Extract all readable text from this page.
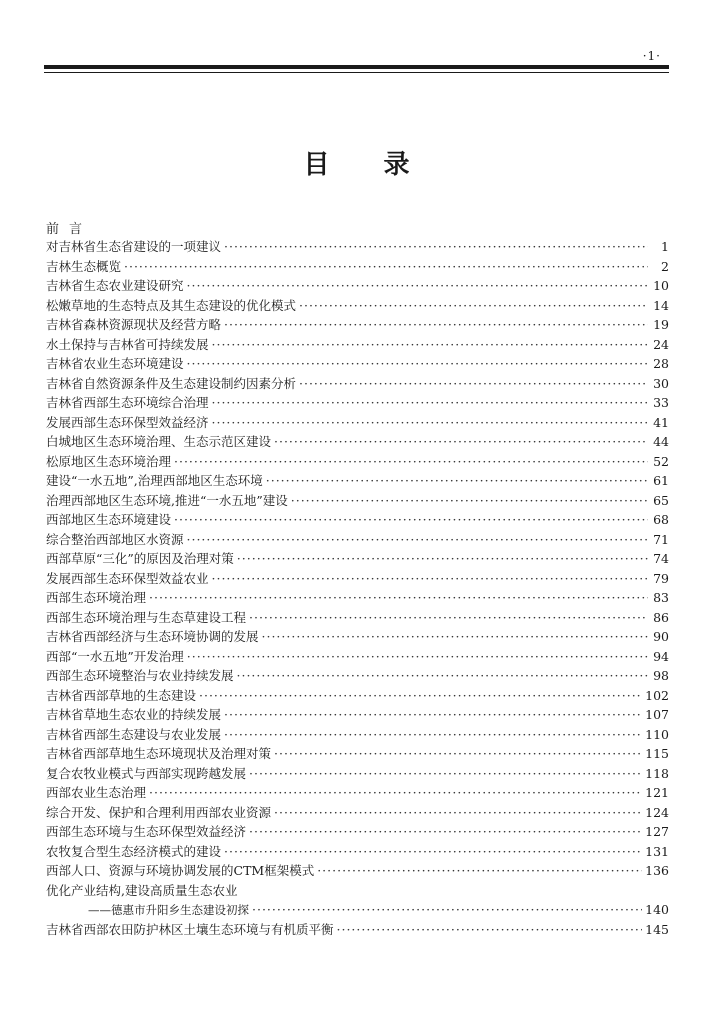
·1·
目录
前言
对吉林省生态省建设的一项建议 ·····	1
吉林生态概览 ·····	2
吉林省生态农业建设研究 ·····	10
松嫩草地的生态特点及其生态建设的优化模式 ·····	14
吉林省森林资源现状及经营方略 ·····	19
水土保持与吉林省可持续发展 ·····	24
吉林省农业生态环境建设 ·····	28
吉林省自然资源条件及生态建设制约因素分析 ·····	30
吉林省西部生态环境综合治理 ·····	33
发展西部生态环保型效益经济 ·····	41
白城地区生态环境治理、生态示范区建设 ·····	44
松原地区生态环境治理 ·····	52
建设“一水五地”,治理西部地区生态环境 ·····	61
治理西部地区生态环境,推进“一水五地”建设 ·····	65
西部地区生态环境建设 ·····	68
综合整治西部地区水资源 ·····	71
西部草原“三化”的原因及治理对策 ·····	74
发展西部生态环保型效益农业 ·····	79
西部生态环境治理 ·····	83
西部生态环境治理与生态草建设工程 ·····	86
吉林省西部经济与生态环境协调的发展 ·····	90
西部“一水五地”开发治理 ·····	94
西部生态环境整治与农业持续发展 ·····	98
吉林省西部草地的生态建设 ·····	102
吉林省草地生态农业的持续发展 ·····	107
吉林省西部生态建设与农业发展 ·····	110
吉林省西部草地生态环境现状及治理对策 ·····	115
复合农牧业模式与西部实现跨越发展 ·····	118
西部农业生态治理 ·····	121
综合开发、保护和合理利用西部农业资源 ·····	124
西部生态环境与生态环保型效益经济 ·····	127
农牧复合型生态经济模式的建设 ·····	131
西部人口、资源与环境协调发展的CTM框架模式 ·····	136
优化产业结构,建设高质量生态农业
——德惠市升阳乡生态建设初探 ·····	140
吉林省西部农田防护林区土壤生态环境与有机质平衡 ·····	145
